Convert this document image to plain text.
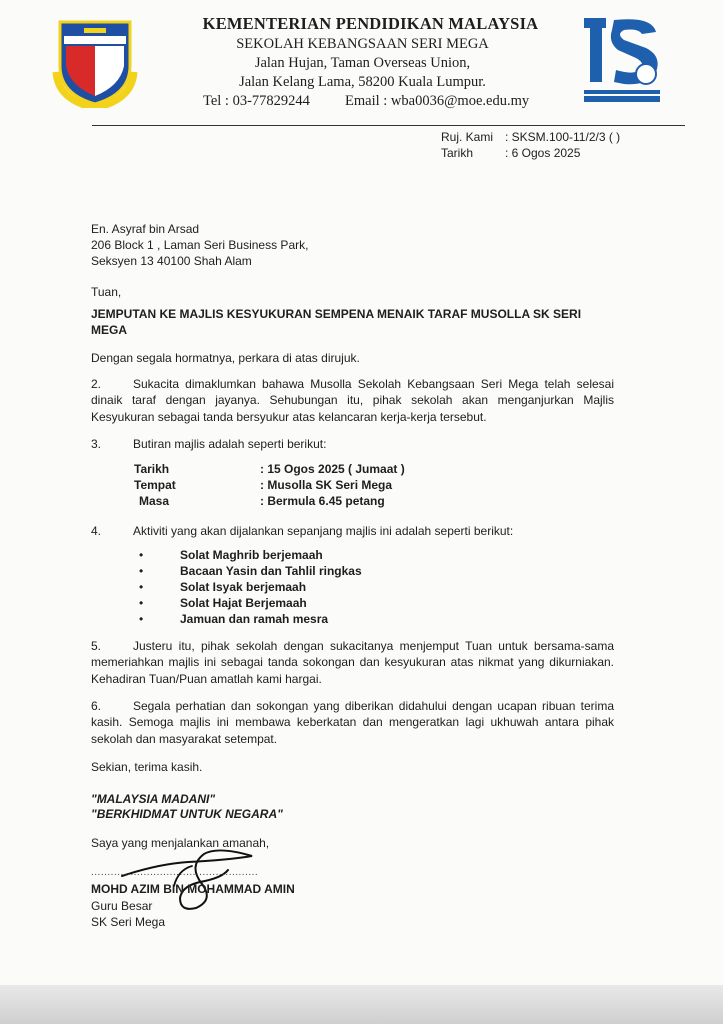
KEMENTERIAN PENDIDIKAN MALAYSIA
SEKOLAH KEBANGSAAN SERI MEGA
Jalan Hujan, Taman Overseas Union,
Jalan Kelang Lama, 58200 Kuala Lumpur.
Tel : 03-77829244 Email : wba0036@moe.edu.my
Ruj. Kami : SKSM.100-11/2/3 ( )
Tarikh	: 6 Ogos 2025
En. Asyraf bin Arsad
206 Block 1 , Laman Seri Business Park,
Seksyen 13 40100 Shah Alam
Tuan,
JEMPUTAN KE MAJLIS KESYUKURAN SEMPENA MENAIK TARAF MUSOLLA SK SERI
MEGA
Dengan segala hormatnya, perkara di atas dirujuk.
2.	Sukacita dimaklumkan bahawa Musolla Sekolah Kebangsaan Seri Mega telah selesai dinaik taraf dengan jayanya. Sehubungan itu, pihak sekolah akan menganjurkan Majlis Kesyukuran sebagai tanda bersyukur atas kelancaran kerja-kerja tersebut.
3.	Butiran majlis adalah seperti berikut:
Tarikh	: 15 Ogos 2025 ( Jumaat )
Tempat	: Musolla SK Seri Mega
Masa	: Bermula 6.45 petang
4.	Aktiviti yang akan dijalankan sepanjang majlis ini adalah seperti berikut:
•	Solat Maghrib berjemaah
•	Bacaan Yasin dan Tahlil ringkas
•	Solat Isyak berjemaah
•	Solat Hajat Berjemaah
•	Jamuan dan ramah mesra
5.	Justeru itu, pihak sekolah dengan sukacitanya menjemput Tuan untuk bersama-sama memeriahkan majlis ini sebagai tanda sokongan dan kesyukuran atas nikmat yang dikurniakan. Kehadiran Tuan/Puan amatlah kami hargai.
6.	Segala perhatian dan sokongan yang diberikan didahului dengan ucapan ribuan terima kasih. Semoga majlis ini membawa keberkatan dan mengeratkan lagi ukhuwah antara pihak sekolah dan masyarakat setempat.
Sekian, terima kasih.
"MALAYSIA MADANI"
"BERKHIDMAT UNTUK NEGARA"
Saya yang menjalankan amanah,
...................................................
MOHD AZIM BIN MOHAMMAD AMIN
Guru Besar
SK Seri Mega
